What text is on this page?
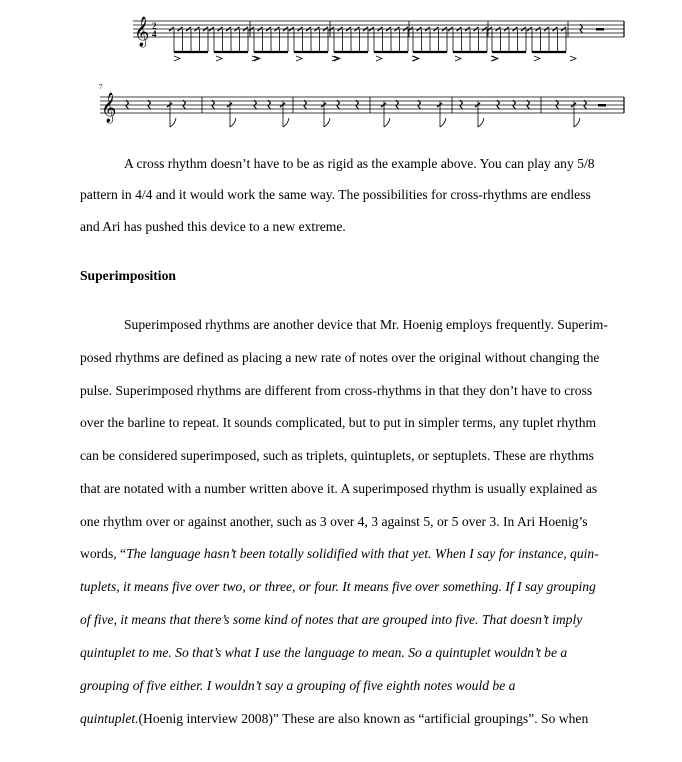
𝄞 2
4
𝄞
7
A cross rhythm doesn’t have to be as rigid as the example above. You can play any 5/8
pattern in 4/4 and it would work the same way. The possibilities for cross-rhythms are endless
and Ari has pushed this device to a new extreme.
Superimposition
Superimposed rhythms are another device that Mr. Hoenig employs frequently. Superim-
posed rhythms are defined as placing a new rate of notes over the original without changing the
pulse. Superimposed rhythms are different from cross-rhythms in that they don’t have to cross
over the barline to repeat. It sounds complicated, but to put in simpler terms, any tuplet rhythm
can be considered superimposed, such as triplets, quintuplets, or septuplets. These are rhythms
that are notated with a number written above it. A superimposed rhythm is usually explained as
one rhythm over or against another, such as 3 over 4, 3 against 5, or 5 over 3. In Ari Hoenig’s
words, “The language hasn’t been totally solidified with that yet. When I say for instance, quin-
tuplets, it means five over two, or three, or four. It means five over something. If I say grouping
of five, it means that there’s some kind of notes that are grouped into five. That doesn’t imply
quintuplet to me. So that’s what I use the language to mean. So a quintuplet wouldn’t be a
grouping of five either. I wouldn’t say a grouping of five eighth notes would be a
quintuplet.(Hoenig interview 2008)” These are also known as “artificial groupings”. So when
